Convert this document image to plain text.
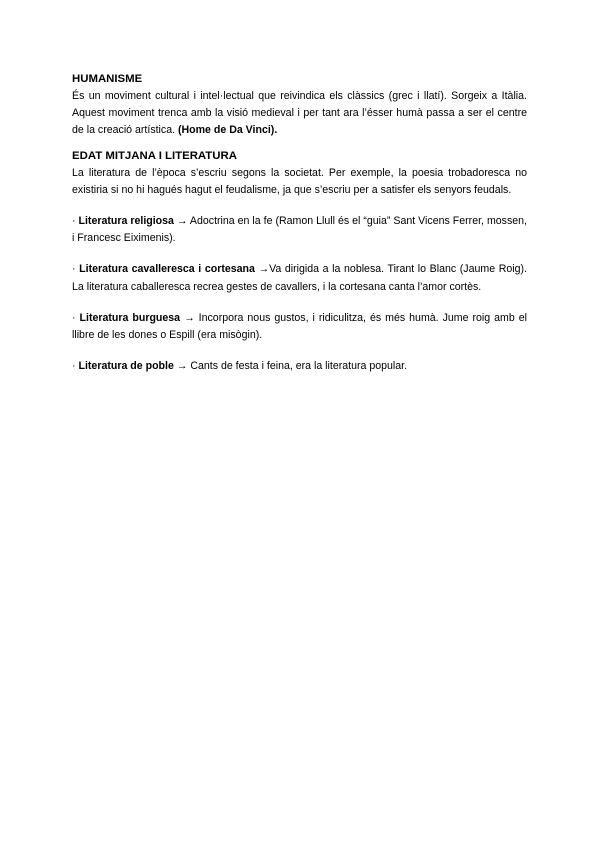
HUMANISME

És un moviment cultural i intel·lectual que reivindica els clàssics (grec i llatí). Sorgeix a Itàlia. Aquest moviment trenca amb la visió medieval i per tant ara l’ésser humà passa a ser el centre de la creació artística. (Home de Da Vinci).

EDAT MITJANA I LITERATURA

La literatura de l’època s’escriu segons la societat. Per exemple, la poesia trobadoresca no existiria si no hi hagués hagut el feudalisme, ja que s’escriu per a satisfer els senyors feudals.

· Literatura religiosa → Adoctrina en la fe (Ramon Llull és el “guia” Sant Vicens Ferrer, mossen, i Francesc Eiximenis).

· Literatura cavalleresca i cortesana →Va dirigida a la noblesa. Tirant lo Blanc (Jaume Roig). La literatura caballeresca recrea gestes de cavallers, i la cortesana canta l’amor cortès.

· Literatura burguesa → Incorpora nous gustos, i ridiculitza, és més humà. Jume roig amb el llibre de les dones o Espill (era misògin).

· Literatura de poble → Cants de festa i feina, era la literatura popular.
